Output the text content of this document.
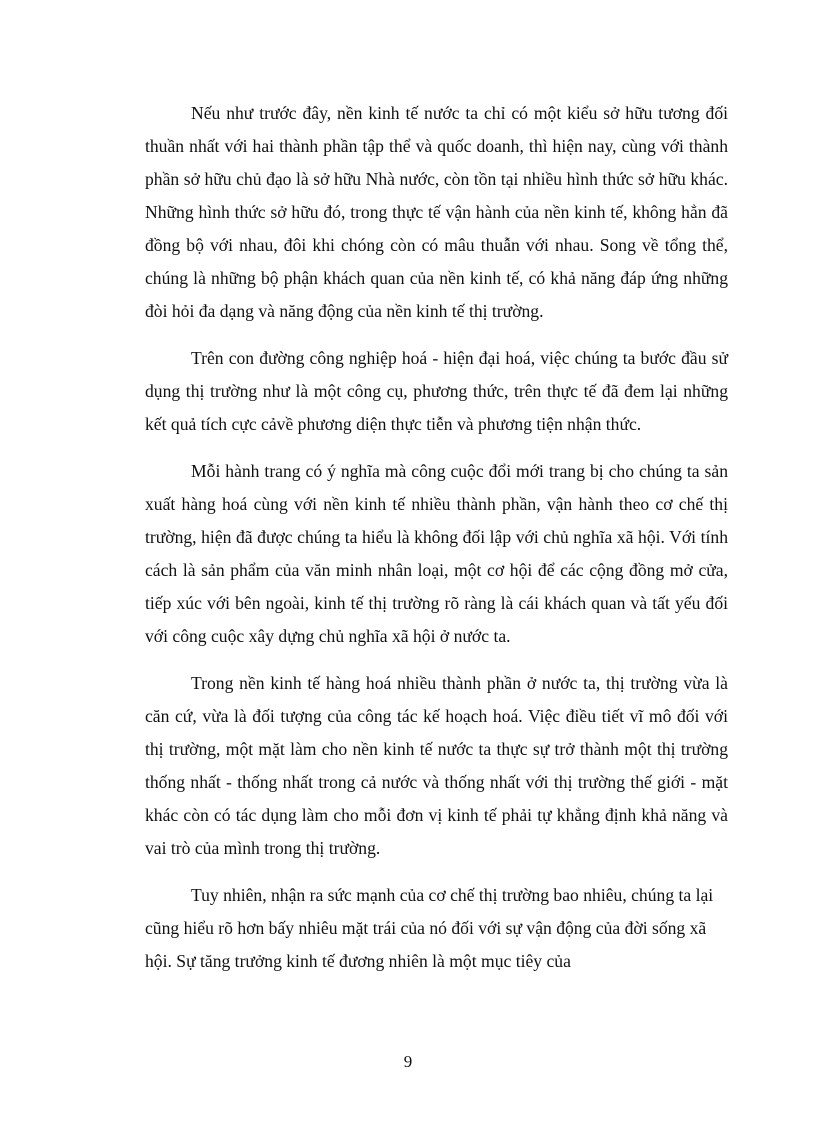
Nếu như trước đây, nền kinh tế nước ta chỉ có một kiểu sở hữu tương đối thuần nhất với hai thành phần tập thể và quốc doanh, thì hiện nay, cùng với thành phần sở hữu chủ đạo là sở hữu Nhà nước, còn tồn tại nhiều hình thức sở hữu khác. Những hình thức sở hữu đó, trong thực tế vận hành của nền kinh tế, không hẳn đã đồng bộ với nhau, đôi khi chóng còn có mâu thuẫn với nhau. Song về tổng thể, chúng là những bộ phận khách quan của nền kinh tế, có khả năng đáp ứng những đòi hỏi đa dạng và năng động của nền kinh tế thị trường.

Trên con đường công nghiệp hoá - hiện đại hoá, việc chúng ta bước đầu sử dụng thị trường như là một công cụ, phương thức, trên thực tế đã đem lại những kết quả tích cực cảvề phương diện thực tiễn và phương tiện nhận thức.

Mỗi hành trang có ý nghĩa mà công cuộc đổi mới trang bị cho chúng ta sản xuất hàng hoá cùng với nền kinh tế nhiều thành phần, vận hành theo cơ chế thị trường, hiện đã được chúng ta hiểu là không đối lập với chủ nghĩa xã hội. Với tính cách là sản phẩm của văn minh nhân loại, một cơ hội để các cộng đồng mở cửa, tiếp xúc với bên ngoài, kinh tế thị trường rõ ràng là cái khách quan và tất yếu đối với công cuộc xây dựng chủ nghĩa xã hội ở nước ta.

Trong nền kinh tế hàng hoá nhiều thành phần ở nước ta, thị trường vừa là căn cứ, vừa là đối tượng của công tác kế hoạch hoá. Việc điều tiết vĩ mô đối với thị trường, một mặt làm cho nền kinh tế nước ta thực sự trở thành một thị trường thống nhất - thống nhất trong cả nước và thống nhất với thị trường thế giới - mặt khác còn có tác dụng làm cho mỗi đơn vị kinh tế phải tự khẳng định khả năng và vai trò của mình trong thị trường.

Tuy nhiên, nhận ra sức mạnh của cơ chế thị trường bao nhiêu, chúng ta lại cũng hiểu rõ hơn bấy nhiêu mặt trái của nó đối với sự vận động của đời sống xã hội. Sự tăng trưởng kinh tế đương nhiên là một mục tiêy của

9
